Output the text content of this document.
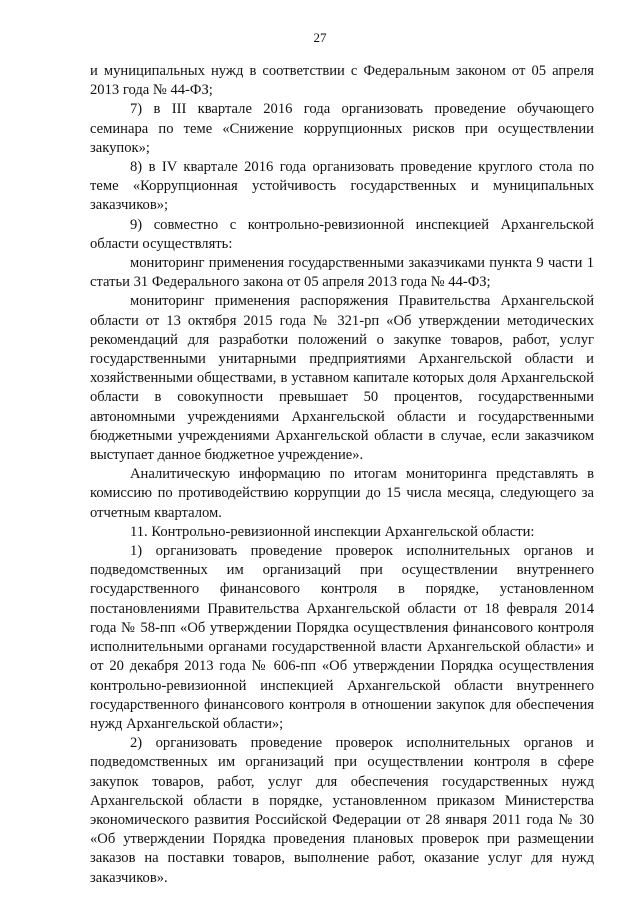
27

и муниципальных нужд в соответствии с Федеральным законом от 05 апреля 2013 года № 44-ФЗ;

7) в III квартале 2016 года организовать проведение обучающего семинара по теме «Снижение коррупционных рисков при осуществлении закупок»;

8) в IV квартале 2016 года организовать проведение круглого стола по теме «Коррупционная устойчивость государственных и муниципальных заказчиков»;

9) совместно с контрольно-ревизионной инспекцией Архангельской области осуществлять:

мониторинг применения государственными заказчиками пункта 9 части 1 статьи 31 Федерального закона от 05 апреля 2013 года № 44-ФЗ;

мониторинг применения распоряжения Правительства Архангельской области от 13 октября 2015 года № 321-рп «Об утверждении методических рекомендаций для разработки положений о закупке товаров, работ, услуг государственными унитарными предприятиями Архангельской области и хозяйственными обществами, в уставном капитале которых доля Архангельской области в совокупности превышает 50 процентов, государственными автономными учреждениями Архангельской области и государственными бюджетными учреждениями Архангельской области в случае, если заказчиком выступает данное бюджетное учреждение».

Аналитическую информацию по итогам мониторинга представлять в комиссию по противодействию коррупции до 15 числа месяца, следующего за отчетным кварталом.

11. Контрольно-ревизионной инспекции Архангельской области:

1) организовать проведение проверок исполнительных органов и подведомственных им организаций при осуществлении внутреннего государственного финансового контроля в порядке, установленном постановлениями Правительства Архангельской области от 18 февраля 2014 года № 58-пп «Об утверждении Порядка осуществления финансового контроля исполнительными органами государственной власти Архангельской области» и от 20 декабря 2013 года № 606-пп «Об утверждении Порядка осуществления контрольно-ревизионной инспекцией Архангельской области внутреннего государственного финансового контроля в отношении закупок для обеспечения нужд Архангельской области»;

2) организовать проведение проверок исполнительных органов и подведомственных им организаций при осуществлении контроля в сфере закупок товаров, работ, услуг для обеспечения государственных нужд Архангельской области в порядке, установленном приказом Министерства экономического развития Российской Федерации от 28 января 2011 года № 30 «Об утверждении Порядка проведения плановых проверок при размещении заказов на поставки товаров, выполнение работ, оказание услуг для нужд заказчиков».
